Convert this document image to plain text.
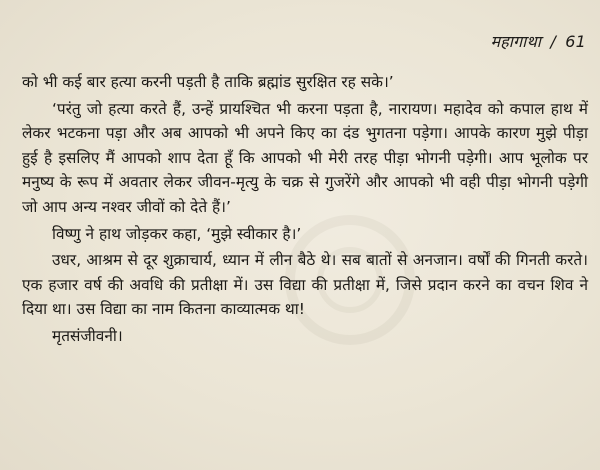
महागाथा / 61

को भी कई बार हत्या करनी पड़ती है ताकि ब्रह्मांड सुरक्षित रह सके।’

‘परंतु जो हत्या करते हैं, उन्हें प्रायश्चित भी करना पड़ता है, नारायण। महादेव को कपाल हाथ में लेकर भटकना पड़ा और अब आपको भी अपने किए का दंड भुगतना पड़ेगा। आपके कारण मुझे पीड़ा हुई है इसलिए मैं आपको शाप देता हूँ कि आपको भी मेरी तरह पीड़ा भोगनी पड़ेगी। आप भूलोक पर मनुष्य के रूप में अवतार लेकर जीवन-मृत्यु के चक्र से गुजरेंगे और आपको भी वही पीड़ा भोगनी पड़ेगी जो आप अन्य नश्वर जीवों को देते हैं।’

विष्णु ने हाथ जोड़कर कहा, ‘मुझे स्वीकार है।’

उधर, आश्रम से दूर शुक्राचार्य, ध्यान में लीन बैठे थे। सब बातों से अनजान। वर्षों की गिनती करते। एक हजार वर्ष की अवधि की प्रतीक्षा में। उस विद्या की प्रतीक्षा में, जिसे प्रदान करने का वचन शिव ने दिया था। उस विद्या का नाम कितना काव्यात्मक था!

मृतसंजीवनी।
